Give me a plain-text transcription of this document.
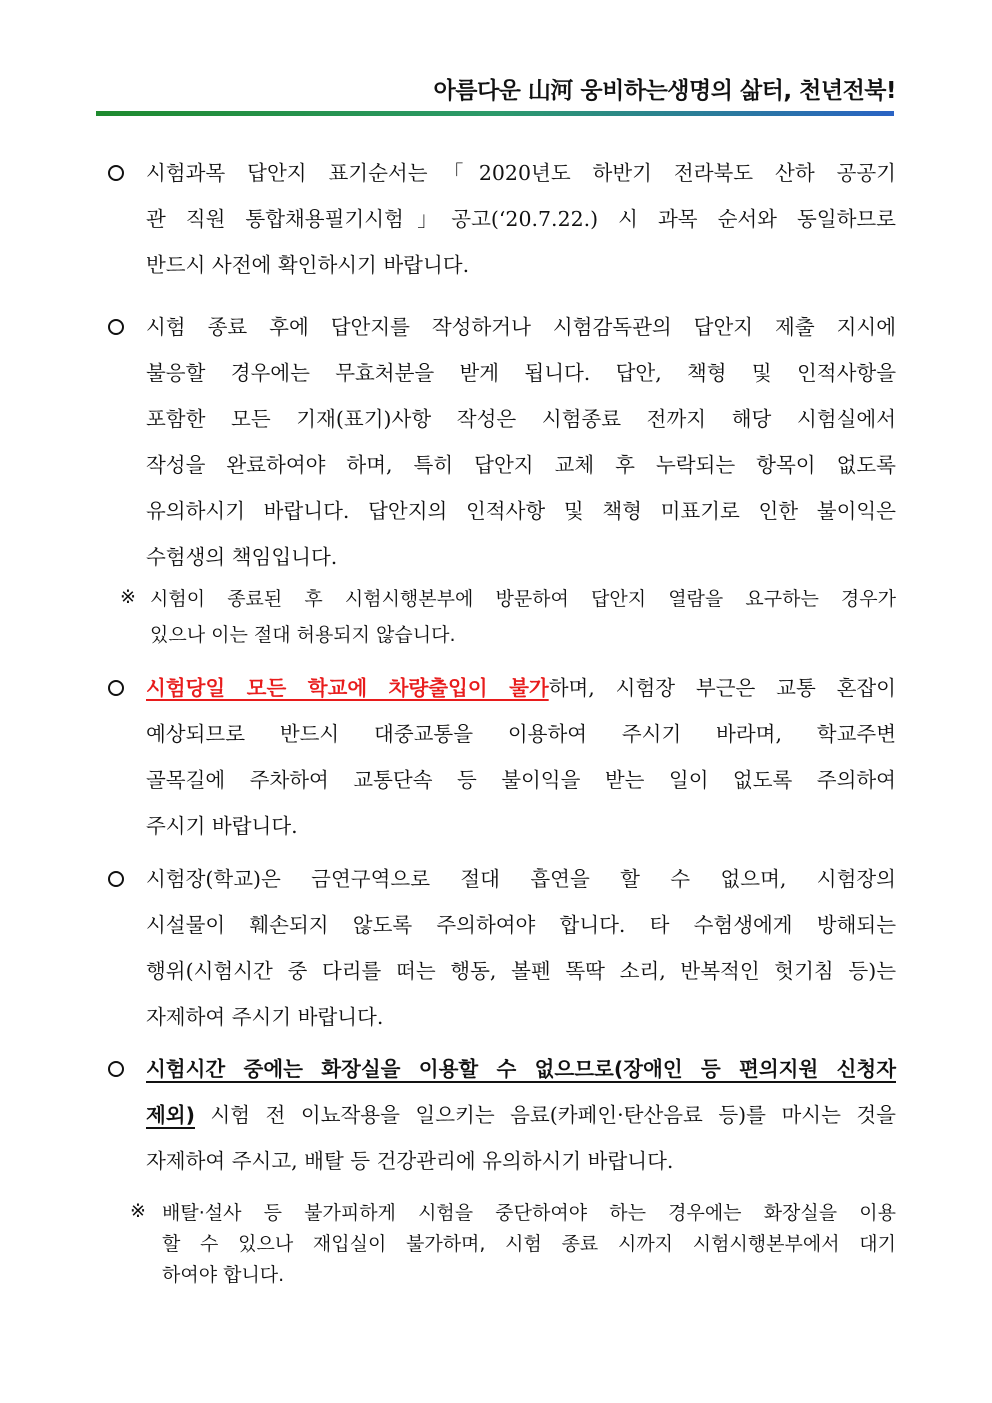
아름다운 山河 웅비하는생명의 삶터, 천년전북!
시험과목 답안지 표기순서는「2020년도 하반기 전라북도 산하 공공기
관 직원 통합채용필기시험」공고(‘20.7.22.) 시 과목 순서와 동일하므로
반드시 사전에 확인하시기 바랍니다.
시험 종료 후에 답안지를 작성하거나 시험감독관의 답안지 제출 지시에
불응할 경우에는 무효처분을 받게 됩니다. 답안, 책형 및 인적사항을
포함한 모든 기재(표기)사항 작성은 시험종료 전까지 해당 시험실에서
작성을 완료하여야 하며, 특히 답안지 교체 후 누락되는 항목이 없도록
유의하시기 바랍니다. 답안지의 인적사항 및 책형 미표기로 인한 불이익은
수험생의 책임입니다.
※ 시험이 종료된 후 시험시행본부에 방문하여 답안지 열람을 요구하는 경우가
있으나 이는 절대 허용되지 않습니다.
시험당일 모든 학교에 차량출입이 불가하며, 시험장 부근은 교통 혼잡이
예상되므로 반드시 대중교통을 이용하여 주시기 바라며, 학교주변
골목길에 주차하여 교통단속 등 불이익을 받는 일이 없도록 주의하여
주시기 바랍니다.
시험장(학교)은 금연구역으로 절대 흡연을 할 수 없으며, 시험장의
시설물이 훼손되지 않도록 주의하여야 합니다. 타 수험생에게 방해되는
행위(시험시간 중 다리를 떠는 행동, 볼펜 똑딱 소리, 반복적인 헛기침 등)는
자제하여 주시기 바랍니다.
시험시간 중에는 화장실을 이용할 수 없으므로(장애인 등 편의지원 신청자
제외) 시험 전 이뇨작용을 일으키는 음료(카페인·탄산음료 등)를 마시는 것을
자제하여 주시고, 배탈 등 건강관리에 유의하시기 바랍니다.
※ 배탈·설사 등 불가피하게 시험을 중단하여야 하는 경우에는 화장실을 이용
할 수 있으나 재입실이 불가하며, 시험 종료 시까지 시험시행본부에서 대기
하여야 합니다.
